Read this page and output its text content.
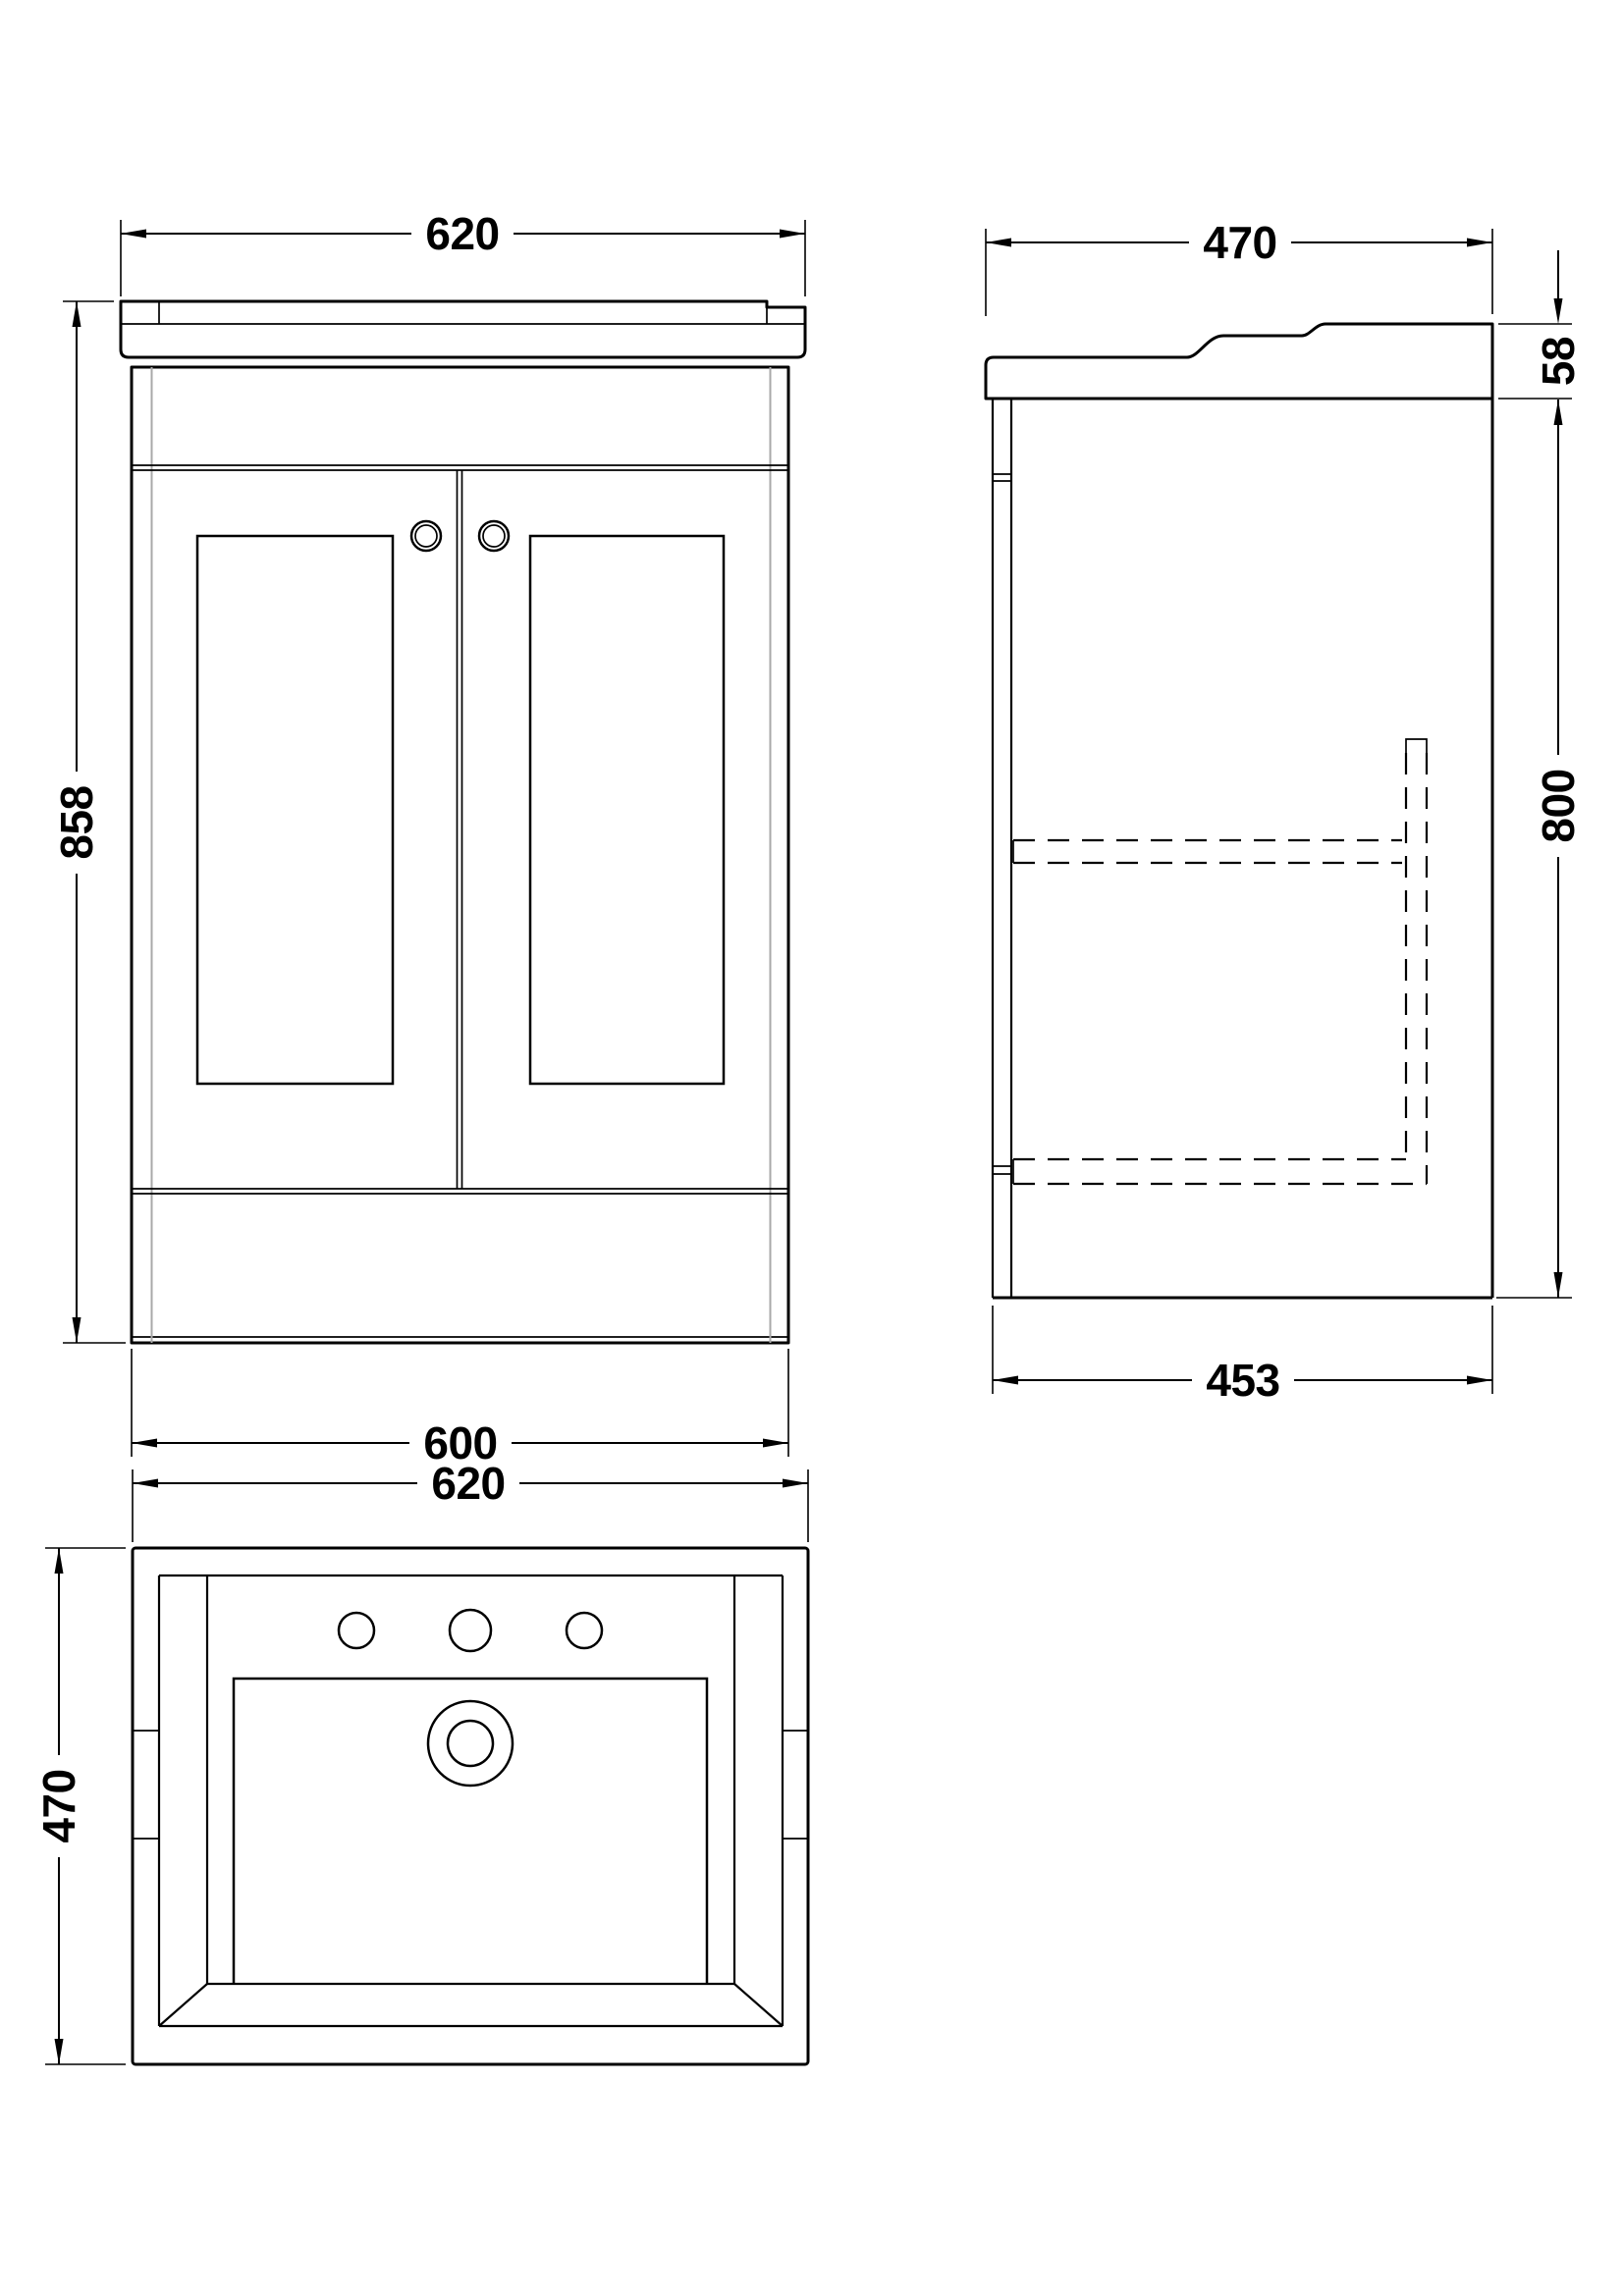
620
858
600
470
58
800
453
620
470
